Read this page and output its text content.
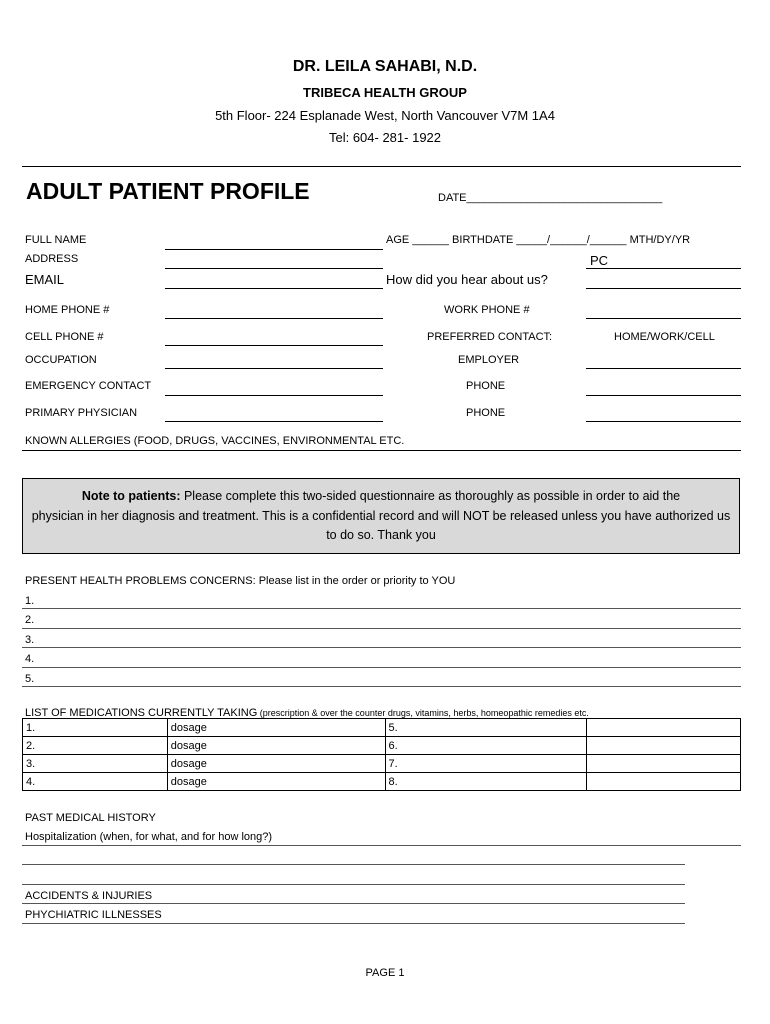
DR. LEILA SAHABI, N.D.
TRIBECA HEALTH GROUP
5th Floor- 224 Esplanade West, North Vancouver V7M 1A4
Tel: 604- 281- 1922
ADULT PATIENT PROFILE	DATE________________________________
FULL NAME	AGE ______ BIRTHDATE _____/______/______ MTH/DY/YR
ADDRESS	PC
EMAIL	How did you hear about us?
HOME PHONE #	WORK PHONE #
CELL PHONE #	PREFERRED CONTACT:	HOME/WORK/CELL
OCCUPATION	EMPLOYER
EMERGENCY CONTACT	PHONE
PRIMARY PHYSICIAN	PHONE
KNOWN ALLERGIES (FOOD, DRUGS, VACCINES, ENVIRONMENTAL ETC.
Note to patients: Please complete this two-sided questionnaire as thoroughly as possible in order to aid the
physician in her diagnosis and treatment. This is a confidential record and will NOT be released unless you have authorized us
to do so. Thank you
PRESENT HEALTH PROBLEMS CONCERNS: Please list in the order or priority to YOU
1.
2.
3.
4.
5.
LIST OF MEDICATIONS CURRENTLY TAKING (prescription & over the counter drugs, vitamins, herbs, homeopathic remedies etc.
1.	dosage	5.	
2.	dosage	6.	
3.	dosage	7.	
4.	dosage	8.	
PAST MEDICAL HISTORY
Hospitalization (when, for what, and for how long?)
ACCIDENTS & INJURIES
PHYCHIATRIC ILLNESSES
PAGE 1
